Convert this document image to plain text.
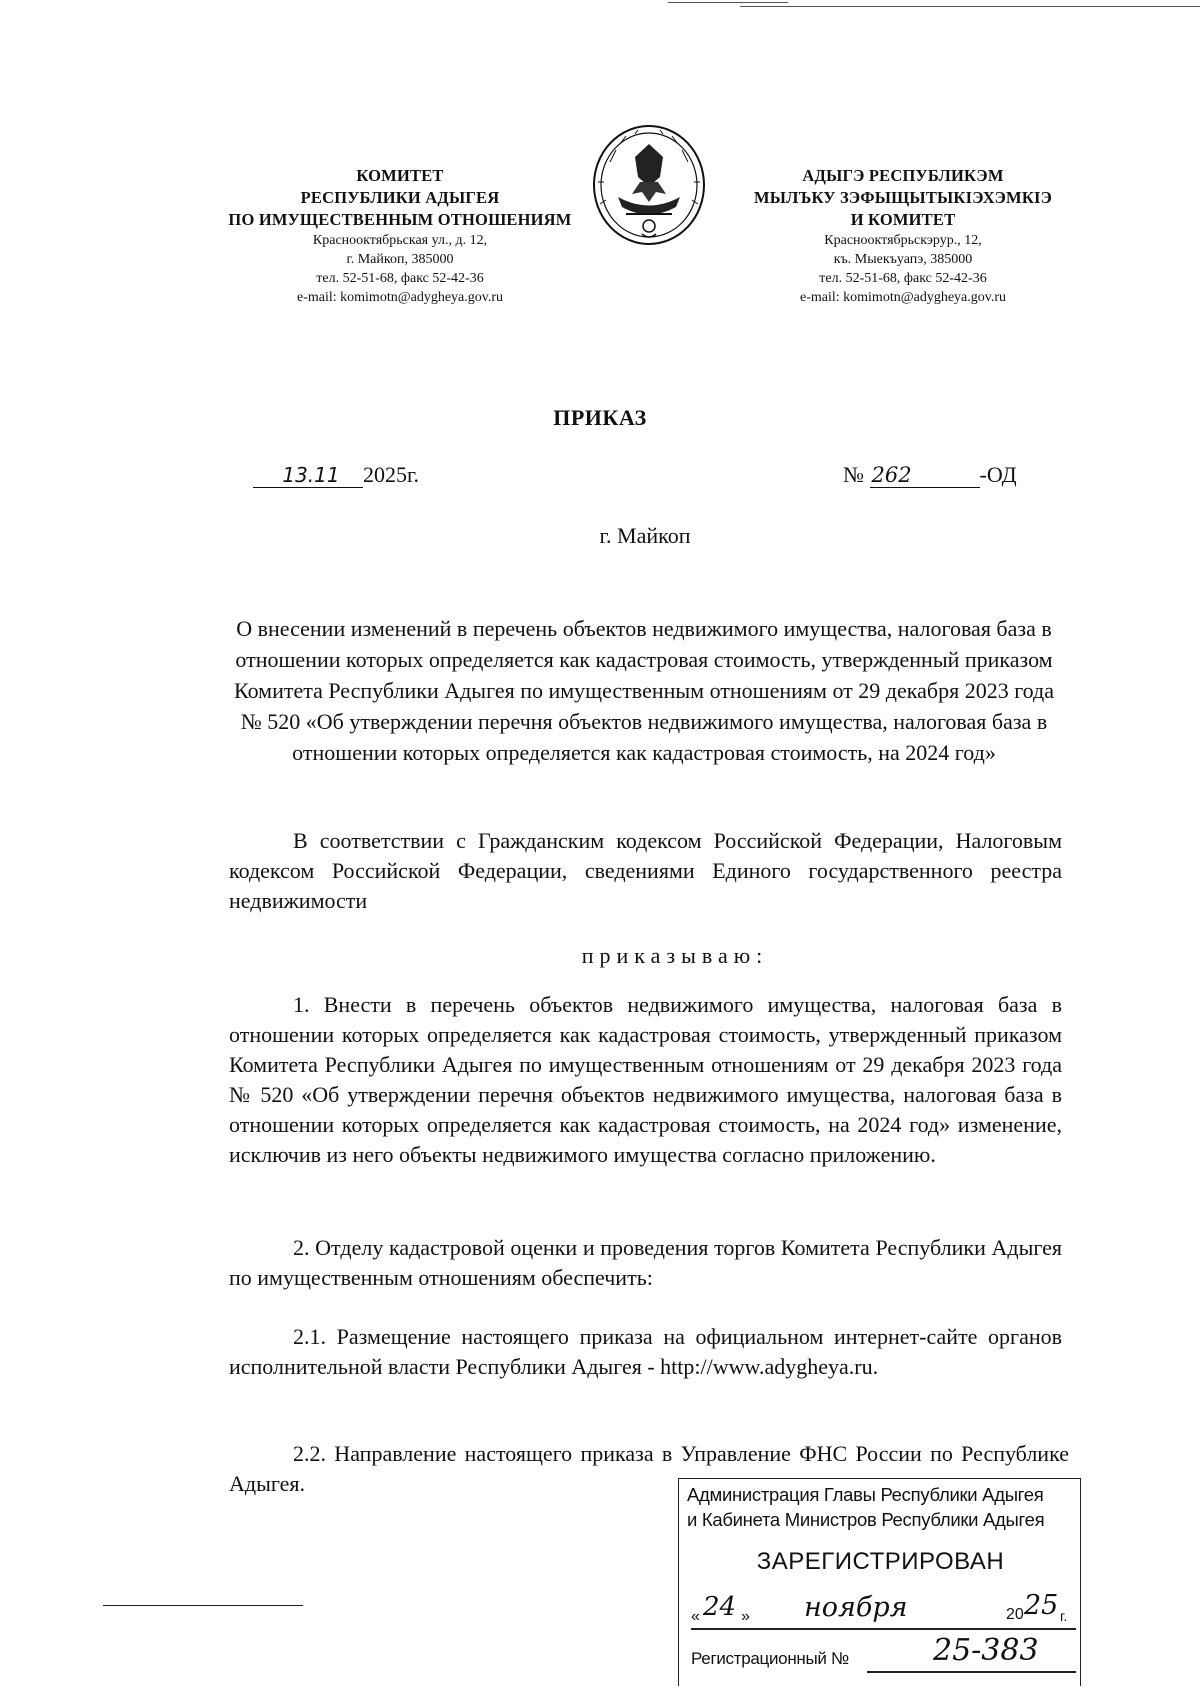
КОМИТЕТ
РЕСПУБЛИКИ АДЫГЕЯ
ПО ИМУЩЕСТВЕННЫМ ОТНОШЕНИЯМ
Краснооктябрьская ул., д. 12,
г. Майкоп, 385000
тел. 52-51-68, факс 52-42-36
e-mail: komimotn@adygheya.gov.ru
АДЫГЭ РЕСПУБЛИКЭМ
МЫЛЪКУ ЗЭФЫЩЫТЫКIЭХЭМКIЭ
И КОМИТЕТ
Краснооктябрьскэрур., 12,
къ. Мыекъуапэ, 385000
тел. 52-51-68, факс 52-42-36
e-mail: komimotn@adygheya.gov.ru
ПРИКАЗ
13.11 2025г.	№ 262	-ОД
г. Майкоп
О внесении изменений в перечень объектов недвижимого имущества, налоговая база в отношении которых определяется как кадастровая стоимость, утвержденный приказом Комитета Республики Адыгея по имущественным отношениям от 29 декабря 2023 года № 520 «Об утверждении перечня объектов недвижимого имущества, налоговая база в отношении которых определяется как кадастровая стоимость, на 2024 год»
В соответствии с Гражданским кодексом Российской Федерации, Налоговым кодексом Российской Федерации, сведениями Единого государственного реестра недвижимости
приказываю:
1. Внести в перечень объектов недвижимого имущества, налоговая база в отношении которых определяется как кадастровая стоимость, утвержденный приказом Комитета Республики Адыгея по имущественным отношениям от 29 декабря 2023 года № 520 «Об утверждении перечня объектов недвижимого имущества, налоговая база в отношении которых определяется как кадастровая стоимость, на 2024 год» изменение, исключив из него объекты недвижимого имущества согласно приложению.
2. Отделу кадастровой оценки и проведения торгов Комитета Республики Адыгея по имущественным отношениям обеспечить:
2.1. Размещение настоящего приказа на официальном интернет-сайте органов исполнительной власти Республики Адыгея - http://www.adygheya.ru.
2.2. Направление настоящего приказа в Управление ФНС России по Республике Адыгея.	Администрация Главы Республики Адыгея
и Кабинета Министров Республики Адыгея
ЗАРЕГИСТРИРОВАН
« 24 » ноября	20 25 г.
Регистрационный №	25-383
